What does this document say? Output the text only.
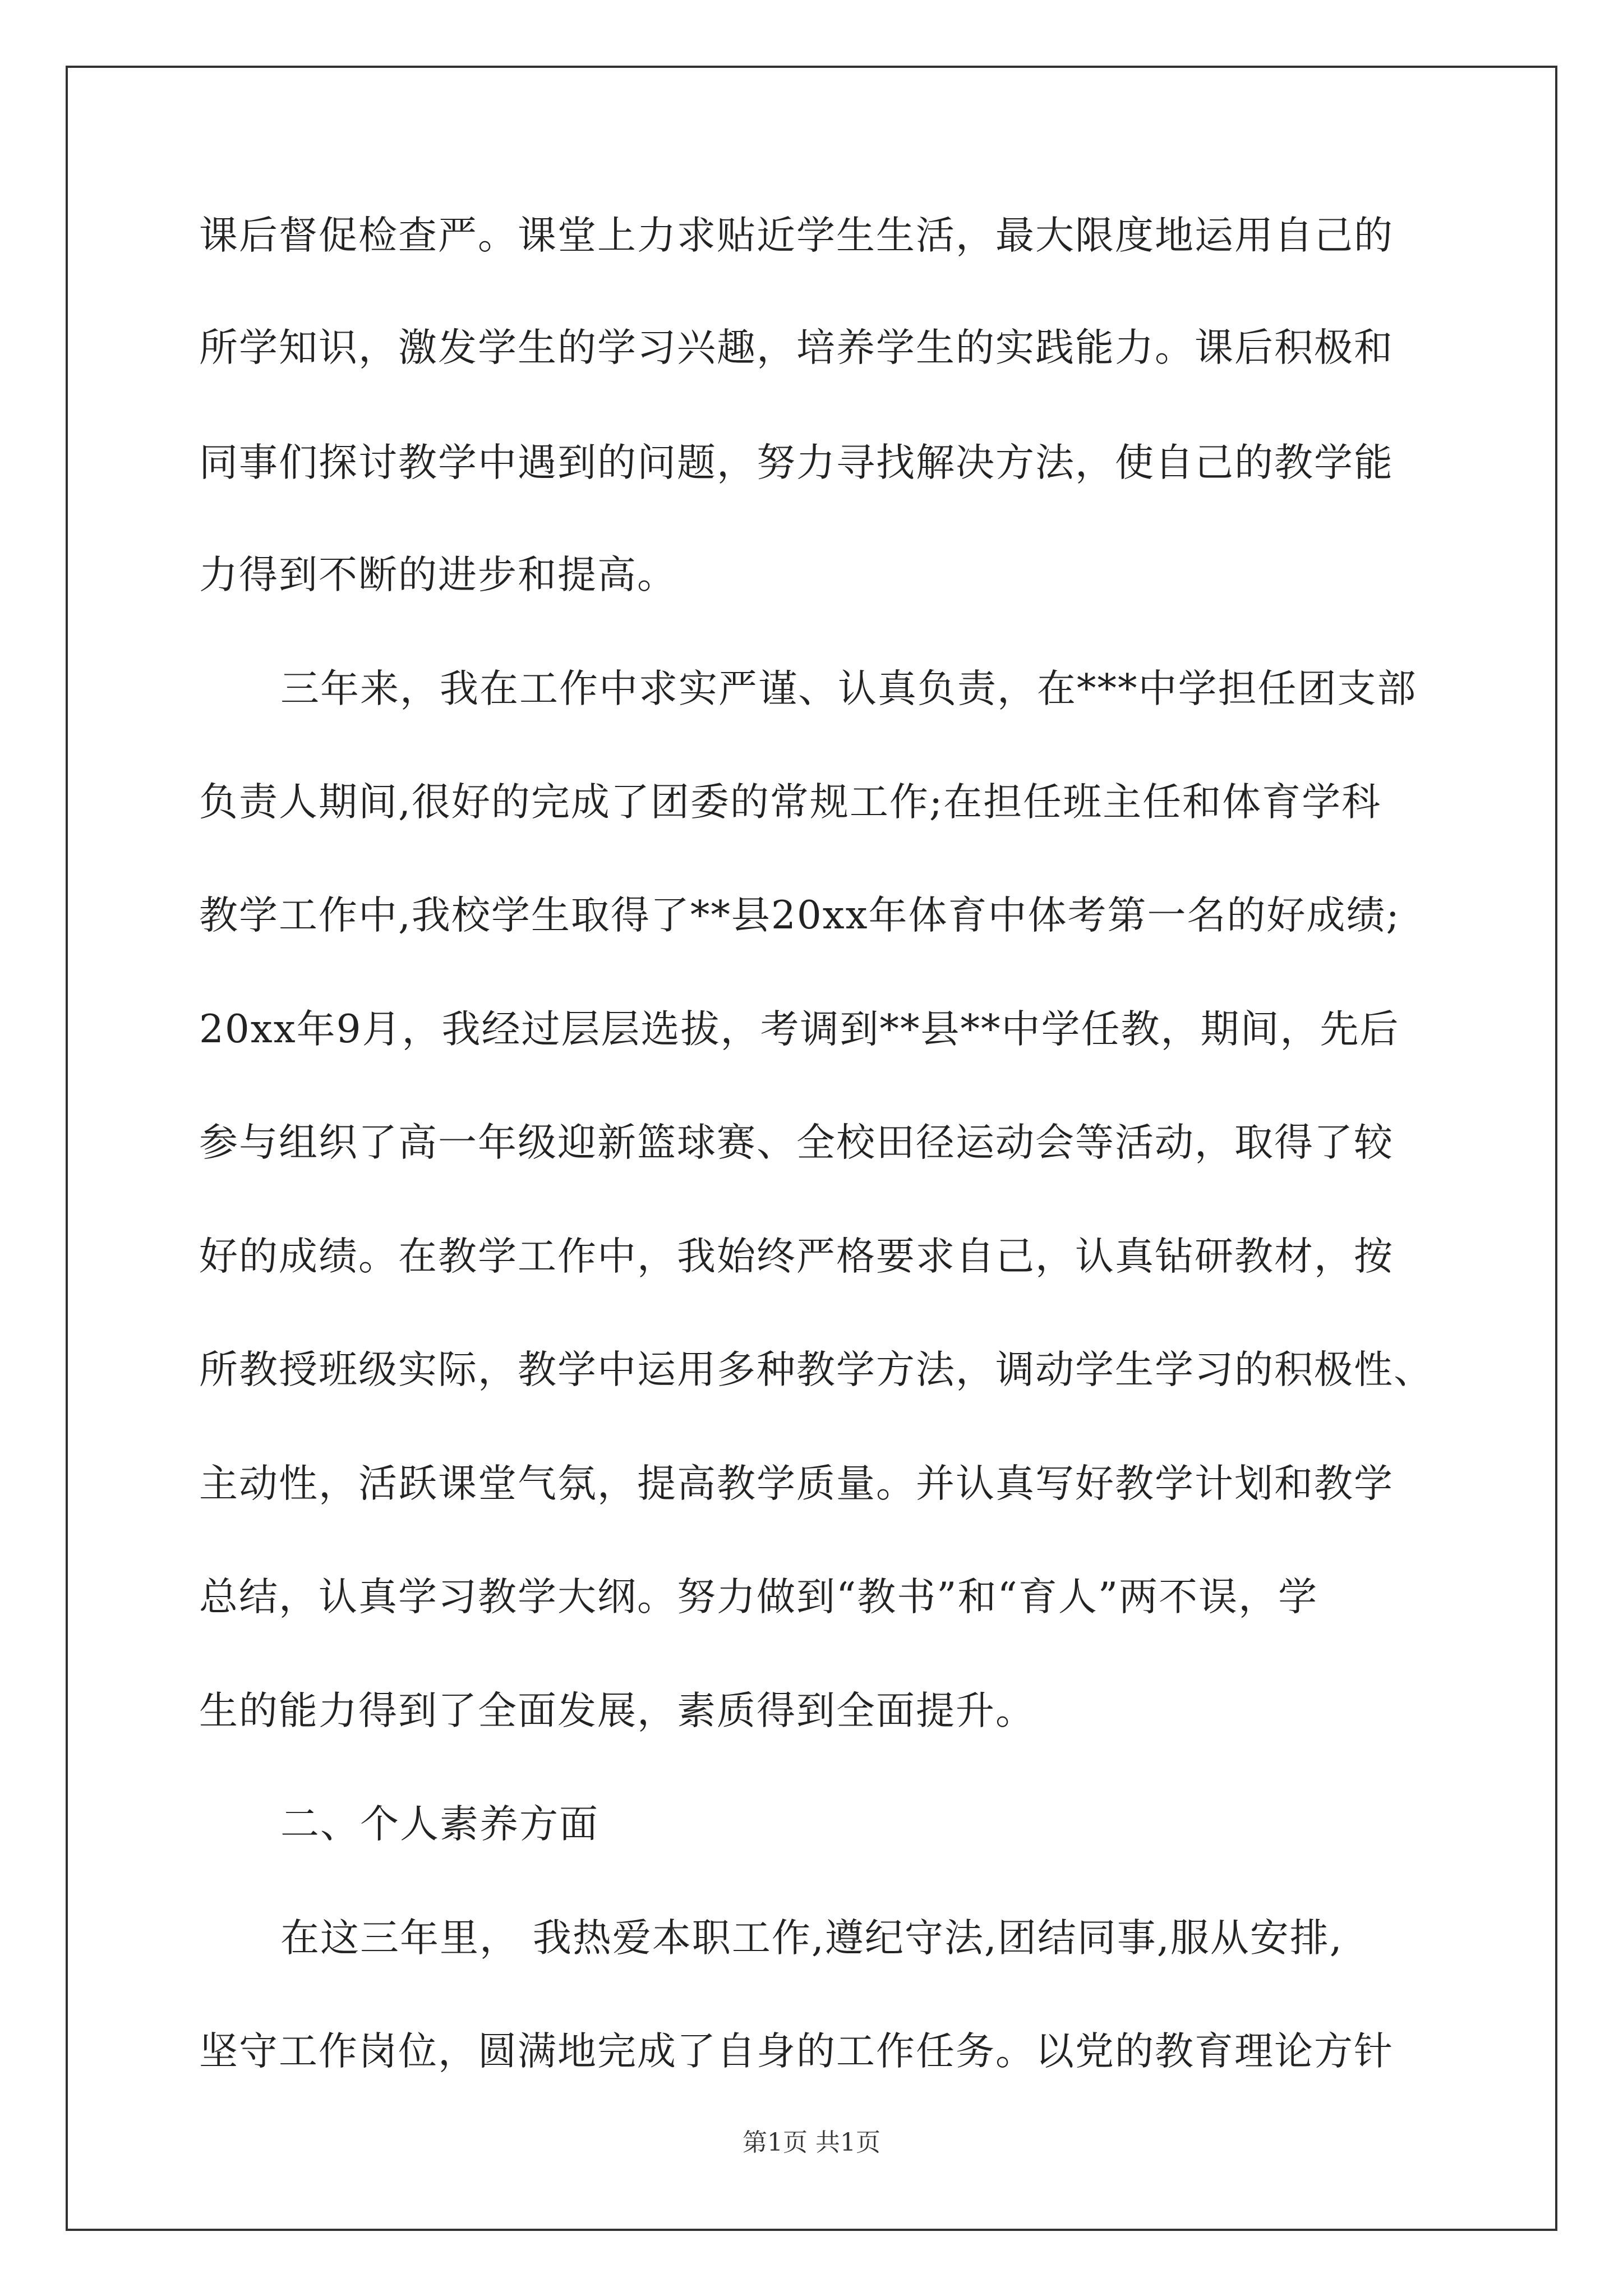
课后督促检查严。课堂上力求贴近学生生活，最大限度地运用自己的
所学知识，激发学生的学习兴趣，培养学生的实践能力。课后积极和
同事们探讨教学中遇到的问题，努力寻找解决方法，使自己的教学能
力得到不断的进步和提高。
三年来，我在工作中求实严谨、认真负责，在***中学担任团支部
负责人期间,很好的完成了团委的常规工作;在担任班主任和体育学科
教学工作中,我校学生取得了**县20xx年体育中体考第一名的好成绩;
20xx年9月，我经过层层选拔，考调到**县**中学任教，期间，先后
参与组织了高一年级迎新篮球赛、全校田径运动会等活动，取得了较
好的成绩。在教学工作中，我始终严格要求自己，认真钻研教材，按
所教授班级实际，教学中运用多种教学方法，调动学生学习的积极性、
主动性，活跃课堂气氛，提高教学质量。并认真写好教学计划和教学
总结，认真学习教学大纲。努力做到“教书”和“育人”两不误，学
生的能力得到了全面发展，素质得到全面提升。
二、个人素养方面
在这三年里， 我热爱本职工作,遵纪守法,团结同事,服从安排,
坚守工作岗位，圆满地完成了自身的工作任务。以党的教育理论方针
第1页 共1页
